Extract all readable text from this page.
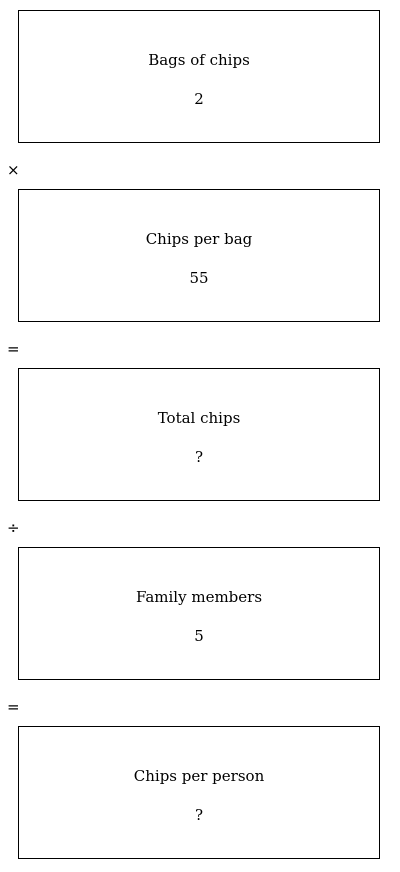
Bags of chips
2
×
Chips per bag
55
=
Total chips
?
÷
Family members
5
=
Chips per person
?
